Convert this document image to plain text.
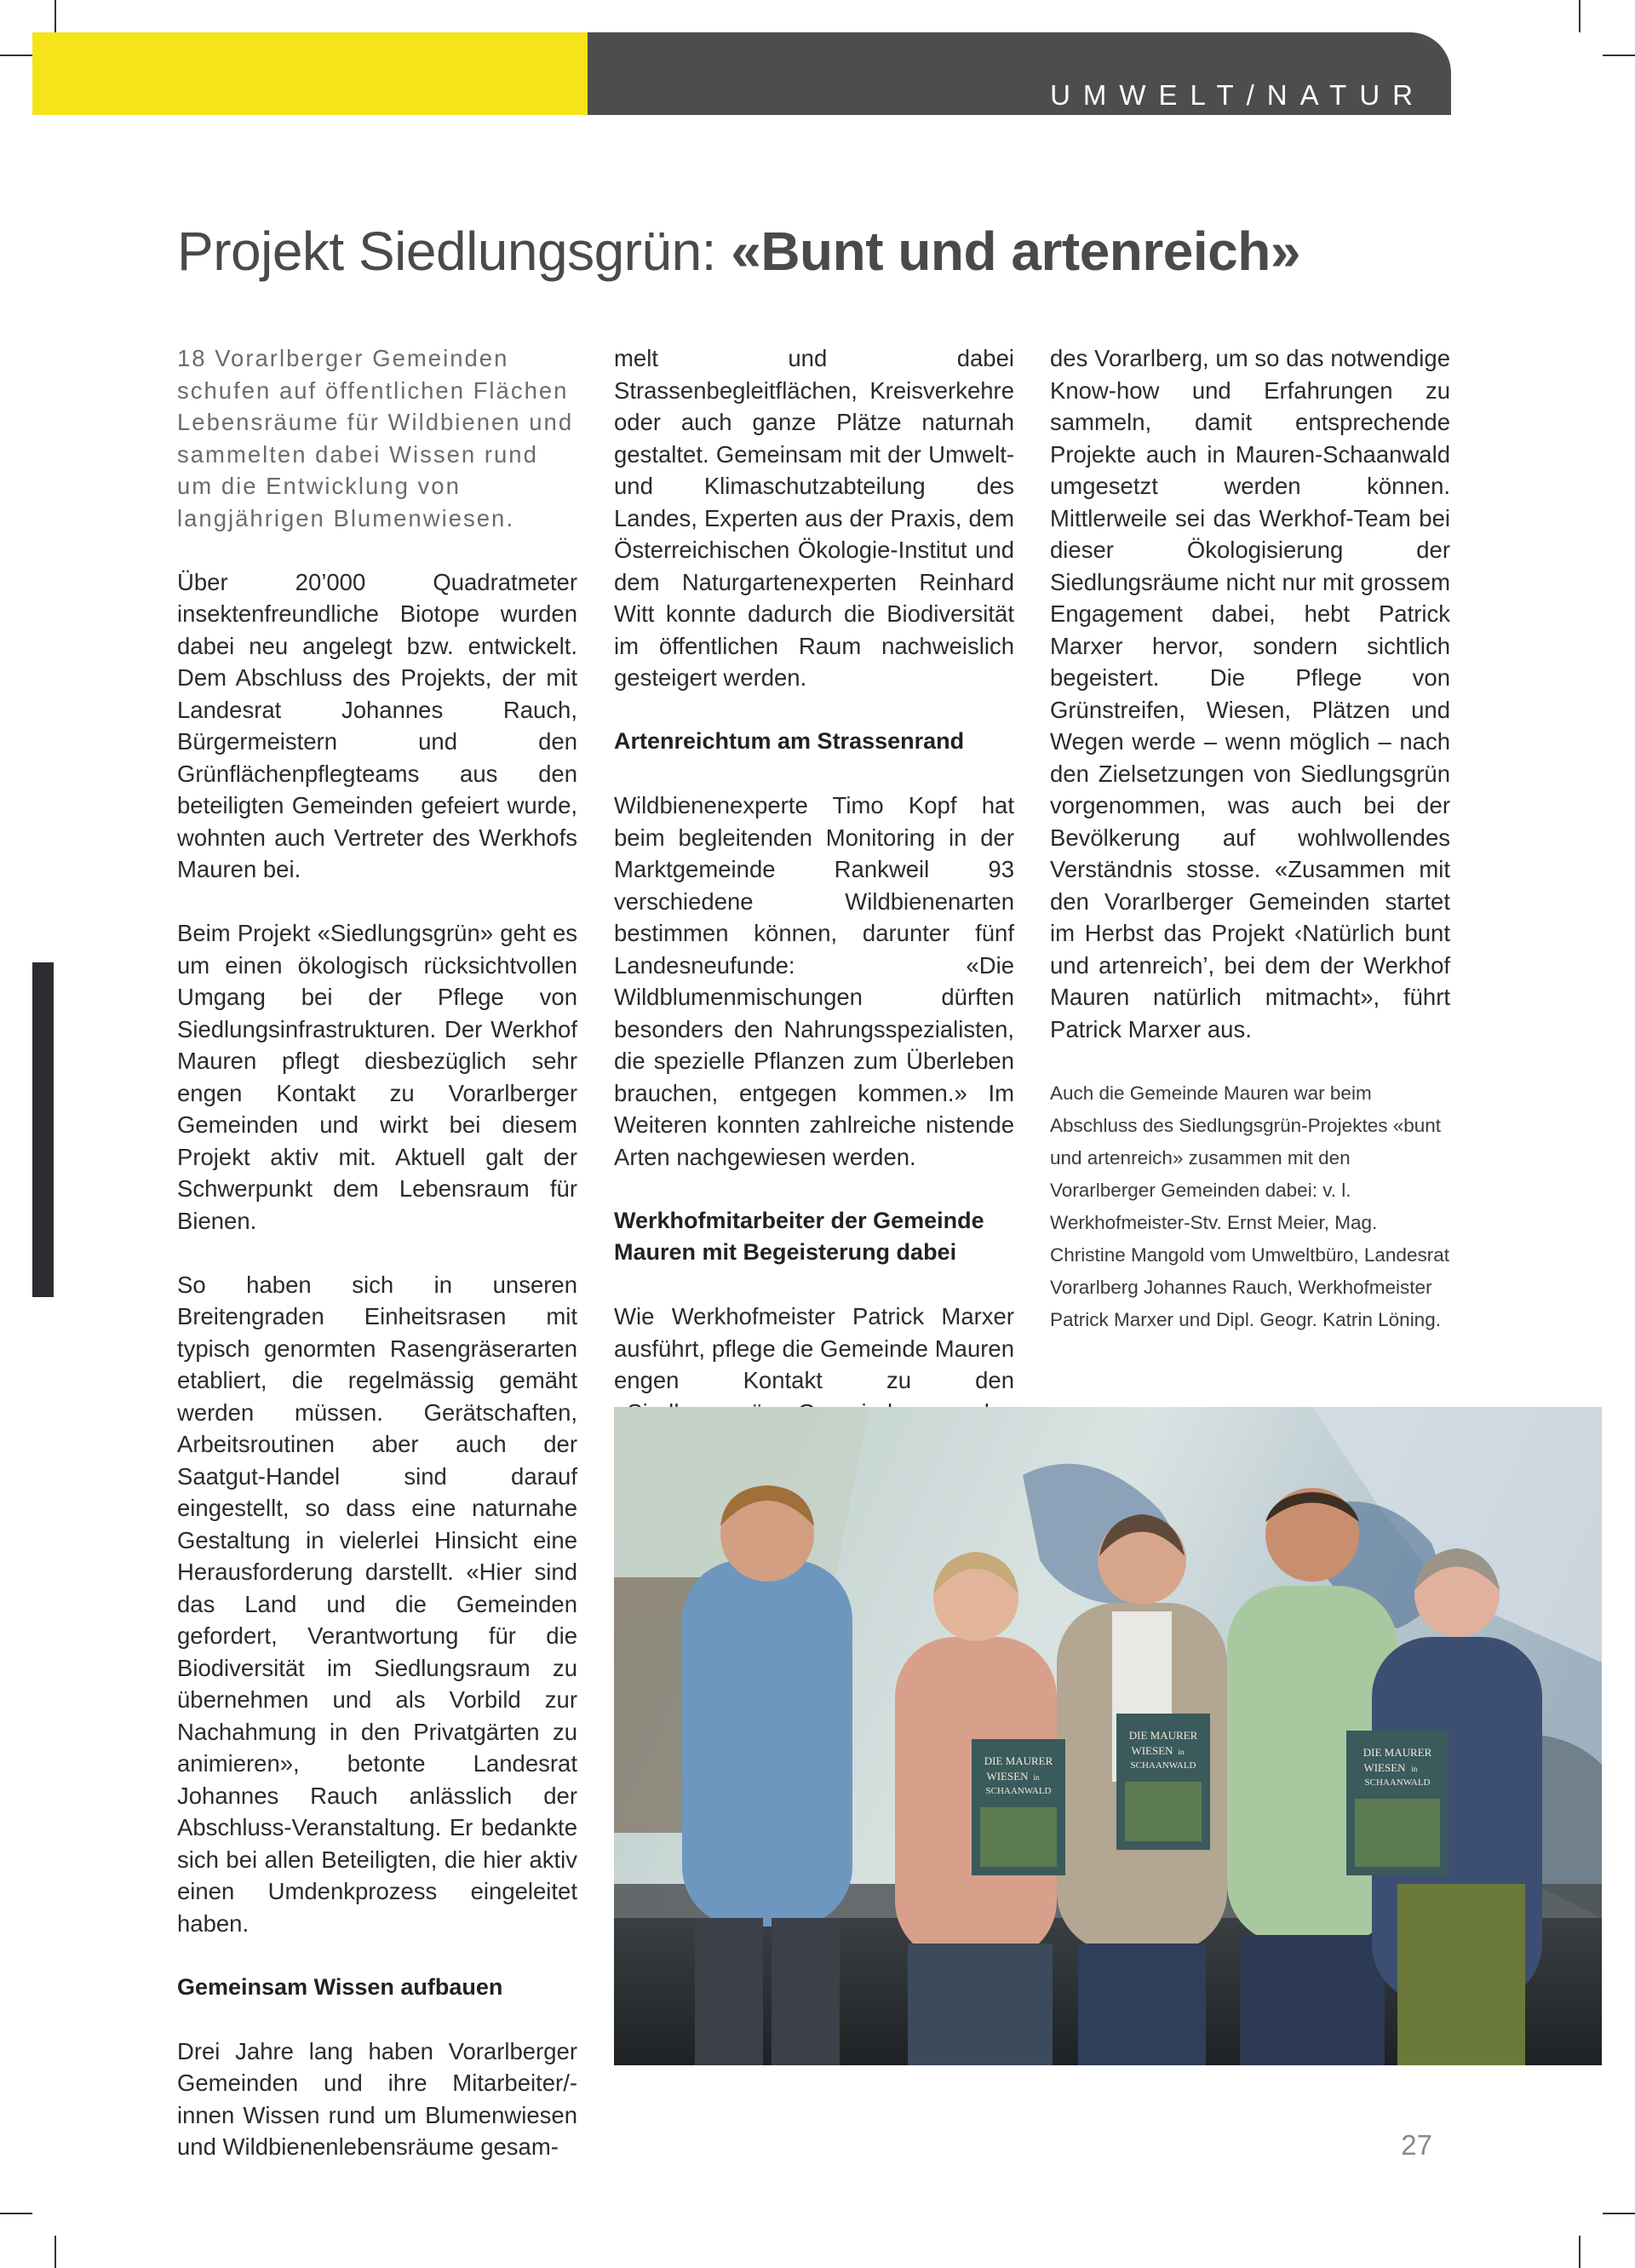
UMWELT/NATUR
Projekt Siedlungsgrün: «Bunt und artenreich»

18 Vorarlberger Gemeinden schufen auf öffentlichen Flächen Lebensräume für Wildbienen und sammelten dabei Wissen rund um die Entwicklung von langjährigen Blumenwiesen.

Über 20’000 Quadratmeter insektenfreundliche Biotope wurden dabei neu angelegt bzw. entwickelt. Dem Abschluss des Projekts, der mit Landesrat Johannes Rauch, Bürgermeistern und den Grünflächenpflegteams aus den beteiligten Gemeinden gefeiert wurde, wohnten auch Vertreter des Werkhofs Mauren bei.

Beim Projekt «Siedlungsgrün» geht es um einen ökologisch rücksichtvollen Umgang bei der Pflege von Siedlungsinfrastrukturen. Der Werkhof Mauren pflegt diesbezüglich sehr engen Kontakt zu Vorarlberger Gemeinden und wirkt bei diesem Projekt aktiv mit. Aktuell galt der Schwerpunkt dem Lebensraum für Bienen.

So haben sich in unseren Breitengraden Einheitsrasen mit typisch genormten Rasengräserarten etabliert, die regelmässig gemäht werden müssen. Gerätschaften, Arbeitsroutinen aber auch der Saatgut-Handel sind darauf eingestellt, so dass eine naturnahe Gestaltung in vielerlei Hinsicht eine Herausforderung darstellt. «Hier sind das Land und die Gemeinden gefordert, Verantwortung für die Biodiversität im Siedlungsraum zu übernehmen und als Vorbild zur Nachahmung in den Privatgärten zu animieren», betonte Landesrat Johannes Rauch anlässlich der Abschluss-Veranstaltung. Er bedankte sich bei allen Beteiligten, die hier aktiv einen Umdenkprozess eingeleitet haben.

Gemeinsam Wissen aufbauen

Drei Jahre lang haben Vorarlberger Gemeinden und ihre Mitarbeiter/-innen Wissen rund um Blumenwiesen und Wildbienenlebensräume gesam-

melt und dabei Strassenbegleitflächen, Kreisverkehre oder auch ganze Plätze naturnah gestaltet. Gemeinsam mit der Umwelt- und Klimaschutzabteilung des Landes, Experten aus der Praxis, dem Österreichischen Ökologie-Institut und dem Naturgartenexperten Reinhard Witt konnte dadurch die Biodiversität im öffentlichen Raum nachweislich gesteigert werden.

Artenreichtum am Strassenrand

Wildbienenexperte Timo Kopf hat beim begleitenden Monitoring in der Marktgemeinde Rankweil 93 verschiedene Wildbienenarten bestimmen können, darunter fünf Landesneufunde: «Die Wildblumenmischungen dürften besonders den Nahrungsspezialisten, die spezielle Pflanzen zum Überleben brauchen, entgegen kommen.» Im Weiteren konnten zahlreiche nistende Arten nachgewiesen werden.

Werkhofmitarbeiter der Gemeinde Mauren mit Begeisterung dabei

Wie Werkhofmeister Patrick Marxer ausführt, pflege die Gemeinde Mauren engen Kontakt zu den

des Vorarlberg, um so das notwendige Know-how und Erfahrungen zu sammeln, damit entsprechende Projekte auch in Mauren-Schaanwald umgesetzt werden können. Mittlerweile sei das Werkhof-Team bei dieser Ökologisierung der Siedlungsräume nicht nur mit grossem Engagement dabei, hebt Patrick Marxer hervor, sondern sichtlich begeistert. Die Pflege von Grünstreifen, Wiesen, Plätzen und Wegen werde – wenn möglich – nach den Zielsetzungen von Siedlungsgrün vorgenommen, was auch bei der Bevölkerung auf wohlwollendes Verständnis stosse. «Zusammen mit den Vorarlberger Gemeinden startet im Herbst das Projekt ‹Natürlich bunt und artenreich’, bei dem der Werkhof Mauren natürlich mitmacht», führt Patrick Marxer aus.

Auch die Gemeinde Mauren war beim Abschluss des Siedlungsgrün-Projektes «bunt und artenreich» zusammen mit den Vorarlberger Gemeinden dabei: v. l. Werkhofmeister-Stv. Ernst Meier, Mag. Christine Mangold vom Umweltbüro, Landesrat Vorarlberg Johannes Rauch, Werkhofmeister Patrick Marxer und Dipl. Geogr. Katrin Löning.

DIE MAURER
WIESEN in
SCHAANWALD
DIE MAURER
WIESEN in
SCHAANWALD
DIE MAURER
WIESEN in
SCHAANWALD
27
